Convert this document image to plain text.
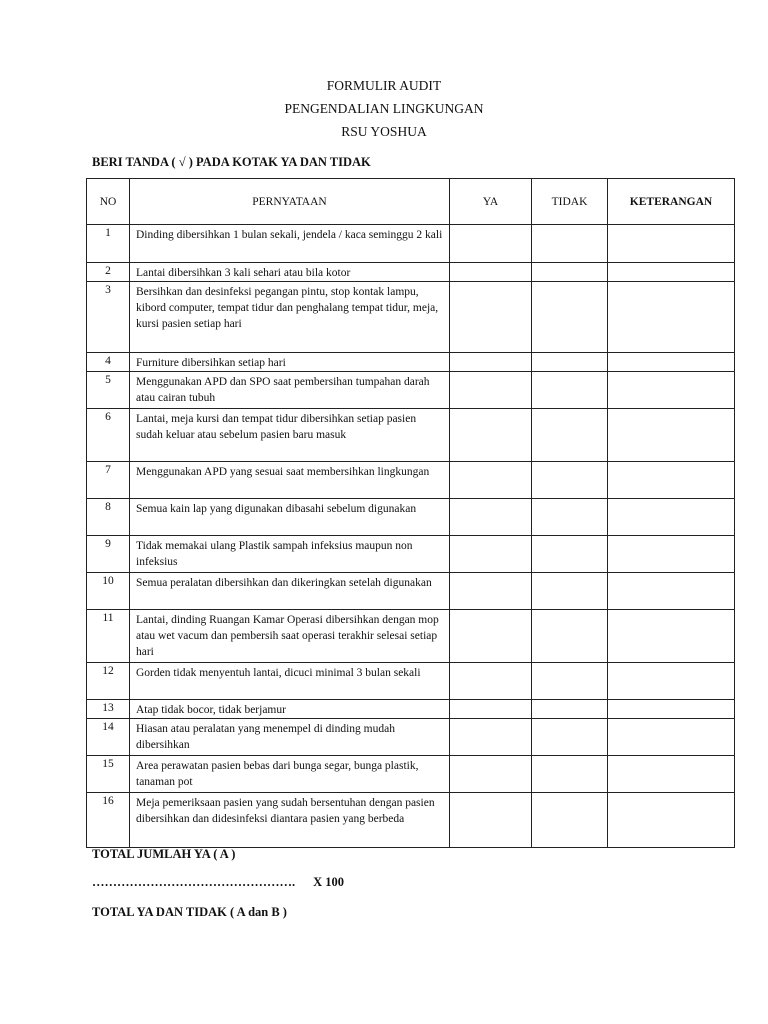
FORMULIR AUDIT
PENGENDALIAN LINGKUNGAN
RSU YOSHUA
BERI TANDA ( √ ) PADA KOTAK YA DAN TIDAK
NO	PERNYATAAN	YA	TIDAK	KETERANGAN
1	Dinding dibersihkan 1 bulan sekali, jendela / kaca seminggu 2 kali			
2	Lantai dibersihkan 3 kali sehari atau bila kotor			
3	Bersihkan dan desinfeksi pegangan pintu, stop kontak lampu, kibord computer, tempat tidur dan penghalang tempat tidur, meja, kursi pasien setiap hari			
4	Furniture dibersihkan setiap hari			
5	Menggunakan APD dan SPO saat pembersihan tumpahan darah atau cairan tubuh			
6	Lantai, meja kursi dan tempat tidur dibersihkan setiap pasien sudah keluar atau sebelum pasien baru masuk			
7	Menggunakan APD yang sesuai saat membersihkan lingkungan			
8	Semua kain lap yang digunakan dibasahi sebelum digunakan			
9	Tidak memakai ulang Plastik sampah infeksius maupun non infeksius			
10	Semua peralatan dibersihkan dan dikeringkan setelah digunakan			
11	Lantai, dinding Ruangan Kamar Operasi dibersihkan dengan mop atau wet vacum dan pembersih saat operasi terakhir selesai setiap hari			
12	Gorden tidak menyentuh lantai, dicuci minimal 3 bulan sekali			
13	Atap tidak bocor, tidak berjamur			
14	Hiasan atau peralatan yang menempel di dinding mudah dibersihkan			
15	Area perawatan pasien bebas dari bunga segar, bunga plastik, tanaman pot			
16	Meja pemeriksaan pasien yang sudah bersentuhan dengan pasien dibersihkan dan didesinfeksi diantara pasien yang berbeda			
TOTAL JUMLAH YA ( A )
…………………………………………. X 100
TOTAL YA DAN TIDAK ( A dan B )
